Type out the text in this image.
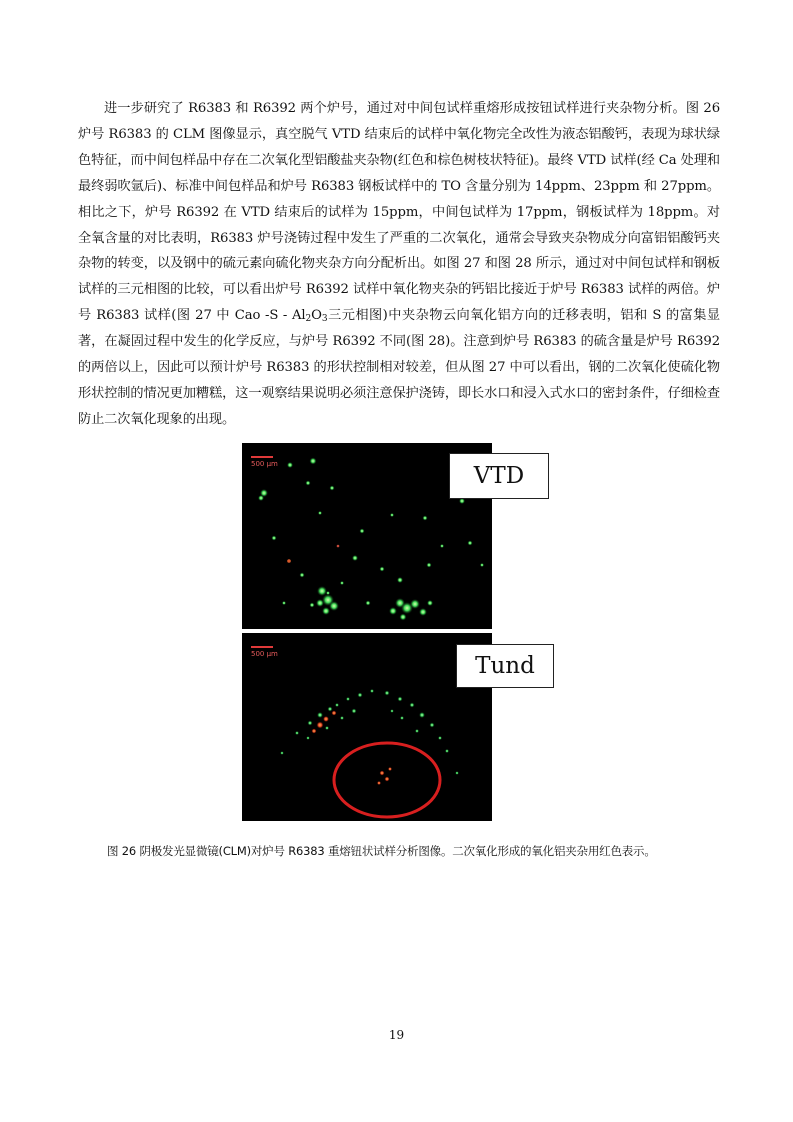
进一步研究了 R6383 和 R6392 两个炉号，通过对中间包试样重熔形成按钮试样进行夹杂物分析。图 26 炉号 R6383 的 CLM 图像显示，真空脱气 VTD 结束后的试样中氧化物完全改性为液态铝酸钙，表现为球状绿色特征，而中间包样品中存在二次氧化型铝酸盐夹杂物(红色和棕色树枝状特征)。最终 VTD 试样(经 Ca 处理和最终弱吹氩后)、标准中间包样品和炉号 R6383 钢板试样中的 TO 含量分别为 14ppm、23ppm 和 27ppm。相比之下，炉号 R6392 在 VTD 结束后的试样为 15ppm，中间包试样为 17ppm，钢板试样为 18ppm。对全氧含量的对比表明，R6383 炉号浇铸过程中发生了严重的二次氧化，通常会导致夹杂物成分向富铝铝酸钙夹杂物的转变，以及钢中的硫元素向硫化物夹杂方向分配析出。如图 27 和图 28 所示，通过对中间包试样和钢板试样的三元相图的比较，可以看出炉号 R6392 试样中氧化物夹杂的钙铝比接近于炉号 R6383 试样的两倍。炉号 R6383 试样(图 27 中 Cao $-S - Al_2O_3$三元相图)中夹杂物云向氧化铝方向的迁移表明，铝和 S 的富集显著，在凝固过程中发生的化学反应，与炉号 R6392 不同(图 28)。注意到炉号 R6383 的硫含量是炉号 R6392 的两倍以上，因此可以预计炉号 R6383 的形状控制相对较差，但从图 27 中可以看出，钢的二次氧化使硫化物形状控制的情况更加糟糕，这一观察结果说明必须注意保护浇铸，即长水口和浸入式水口的密封条件，仔细检查防止二次氧化现象的出现。
500 μm	VTD
500 μm	Tund
图 26 阴极发光显微镜(CLM)对炉号 R6383 重熔钮状试样分析图像。二次氧化形成的氧化铝夹杂用红色表示。
19
